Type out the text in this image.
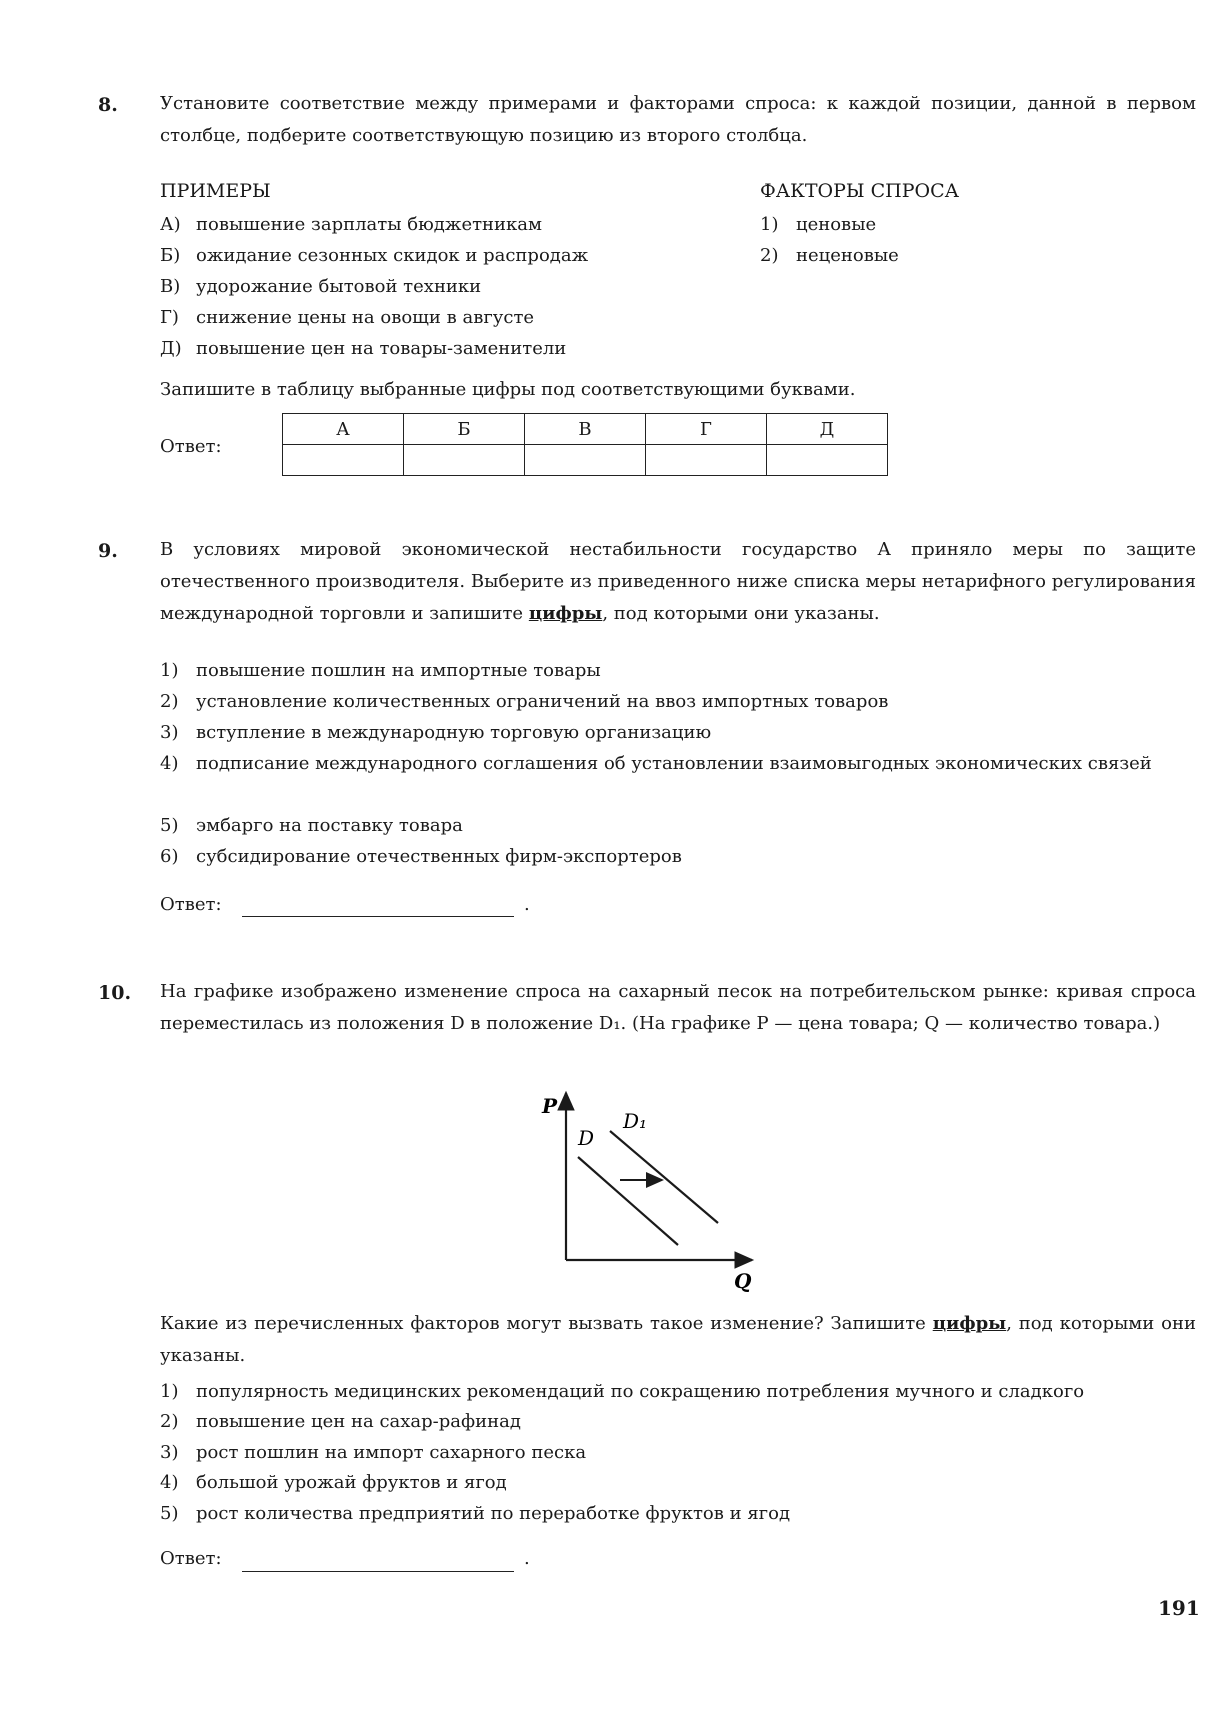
8. Установите соответствие между примерами и факторами спроса: к каждой позиции, данной в первом столбце, подберите соответствующую позицию из второго столбца.
ПРИМЕРЫ	ФАКТОРЫ СПРОСА
А) повышение зарплаты бюджетникам
Б) ожидание сезонных скидок и распродаж
В) удорожание бытовой техники
Г) снижение цены на овощи в августе
Д) повышение цен на товары-заменители
1) ценовые
2) неценовые
Запишите в таблицу выбранные цифры под соответствующими буквами.
Ответ:
А	Б	В	Г	Д

9. В условиях мировой экономической нестабильности государство А приняло меры по защите отечественного производителя. Выберите из приведенного ниже списка меры нетарифного регулирования международной торговли и запишите цифры, под которыми они указаны.
1) повышение пошлин на импортные товары
2) установление количественных ограничений на ввоз импортных товаров
3) вступление в международную торговую организацию
4) подписание международного соглашения об установлении взаимовыгодных экономических связей
5) эмбарго на поставку товара
6) субсидирование отечественных фирм-экспортеров
Ответ:	.
10. На графике изображено изменение спроса на сахарный песок на потребительском рынке: кривая спроса переместилась из положения D в положение D₁. (На графике P — цена товара; Q — количество товара.)
P
Q
D
D₁
Какие из перечисленных факторов могут вызвать такое изменение? Запишите цифры, под которыми они указаны.
1) популярность медицинских рекомендаций по сокращению потребления мучного и сладкого
2) повышение цен на сахар-рафинад
3) рост пошлин на импорт сахарного песка
4) большой урожай фруктов и ягод
5) рост количества предприятий по переработке фруктов и ягод
Ответ:	.
191
